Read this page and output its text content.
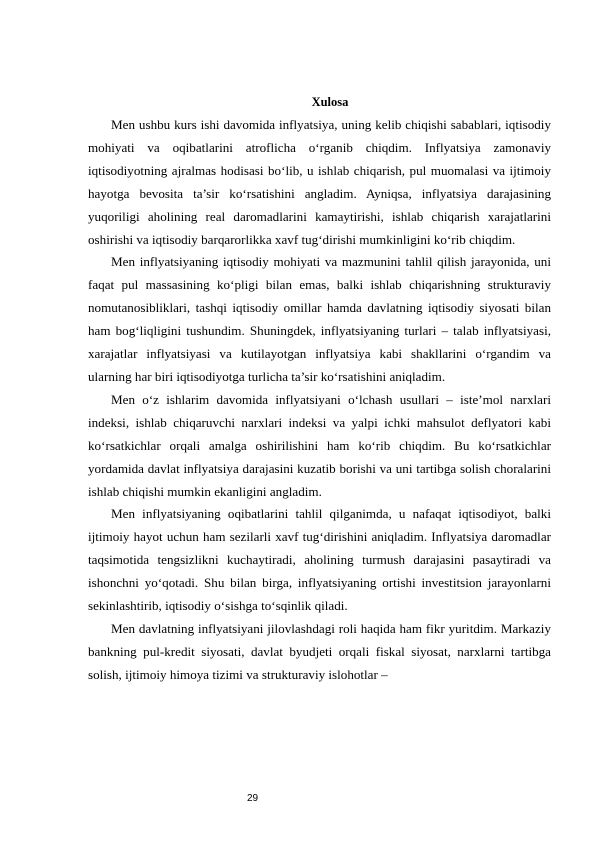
Xulosa

Men ushbu kurs ishi davomida inflyatsiya, uning kelib chiqishi sabablari, iqtisodiy mohiyati va oqibatlarini atroflicha o‘rganib chiqdim. Inflyatsiya zamonaviy iqtisodiyotning ajralmas hodisasi bo‘lib, u ishlab chiqarish, pul muomalasi va ijtimoiy hayotga bevosita ta’sir ko‘rsatishini angladim. Ayniqsa, inflyatsiya darajasining yuqoriligi aholining real daromadlarini kamaytirishi, ishlab chiqarish xarajatlarini oshirishi va iqtisodiy barqarorlikka xavf tug‘dirishi mumkinligini ko‘rib chiqdim.

Men inflyatsiyaning iqtisodiy mohiyati va mazmunini tahlil qilish jarayonida, uni faqat pul massasining ko‘pligi bilan emas, balki ishlab chiqarishning strukturaviy nomutanosibliklari, tashqi iqtisodiy omillar hamda davlatning iqtisodiy siyosati bilan ham bog‘liqligini tushundim. Shuningdek, inflyatsiyaning turlari – talab inflyatsiyasi, xarajatlar inflyatsiyasi va kutilayotgan inflyatsiya kabi shakllarini o‘rgandim va ularning har biri iqtisodiyotga turlicha ta’sir ko‘rsatishini aniqladim.

Men o‘z ishlarim davomida inflyatsiyani o‘lchash usullari – iste’mol narxlari indeksi, ishlab chiqaruvchi narxlari indeksi va yalpi ichki mahsulot deflyatori kabi ko‘rsatkichlar orqali amalga oshirilishini ham ko‘rib chiqdim. Bu ko‘rsatkichlar yordamida davlat inflyatsiya darajasini kuzatib borishi va uni tartibga solish choralarini ishlab chiqishi mumkin ekanligini angladim.

Men inflyatsiyaning oqibatlarini tahlil qilganimda, u nafaqat iqtisodiyot, balki ijtimoiy hayot uchun ham sezilarli xavf tug‘dirishini aniqladim. Inflyatsiya daromadlar taqsimotida tengsizlikni kuchaytiradi, aholining turmush darajasini pasaytiradi va ishonchni yo‘qotadi. Shu bilan birga, inflyatsiyaning ortishi investitsion jarayonlarni sekinlashtirib, iqtisodiy o‘sishga to‘sqinlik qiladi.

Men davlatning inflyatsiyani jilovlashdagi roli haqida ham fikr yuritdim. Markaziy bankning pul-kredit siyosati, davlat byudjeti orqali fiskal siyosat, narxlarni tartibga solish, ijtimoiy himoya tizimi va strukturaviy islohotlar –

29
